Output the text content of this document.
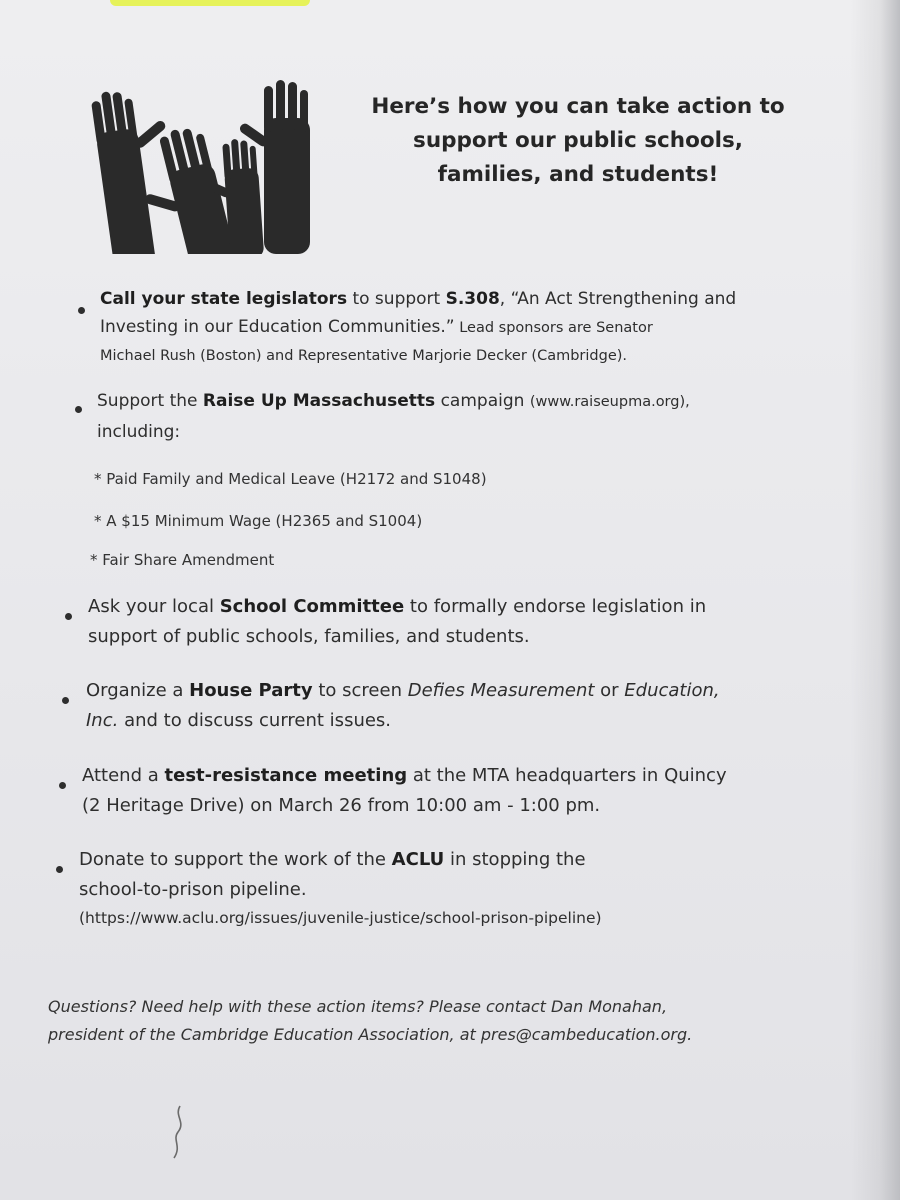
Here’s how you can take action to
support our public schools,
families, and students!
Call your state legislators to support S.308, “An Act Strengthening and
Investing in our Education Communities.” Lead sponsors are Senator
Michael Rush (Boston) and Representative Marjorie Decker (Cambridge).
Support the Raise Up Massachusetts campaign (www.raiseupma.org),
including:
* Paid Family and Medical Leave (H2172 and S1048)
* A $15 Minimum Wage (H2365 and S1004)
* Fair Share Amendment
Ask your local School Committee to formally endorse legislation in
support of public schools, families, and students.
Organize a House Party to screen Defies Measurement or Education,
Inc. and to discuss current issues.
Attend a test-resistance meeting at the MTA headquarters in Quincy
(2 Heritage Drive) on March 26 from 10:00 am - 1:00 pm.
Donate to support the work of the ACLU in stopping the
school-to-prison pipeline.
(https://www.aclu.org/issues/juvenile-justice/school-prison-pipeline)
Questions? Need help with these action items? Please contact Dan Monahan,
president of the Cambridge Education Association, at pres@cambeducation.org.
